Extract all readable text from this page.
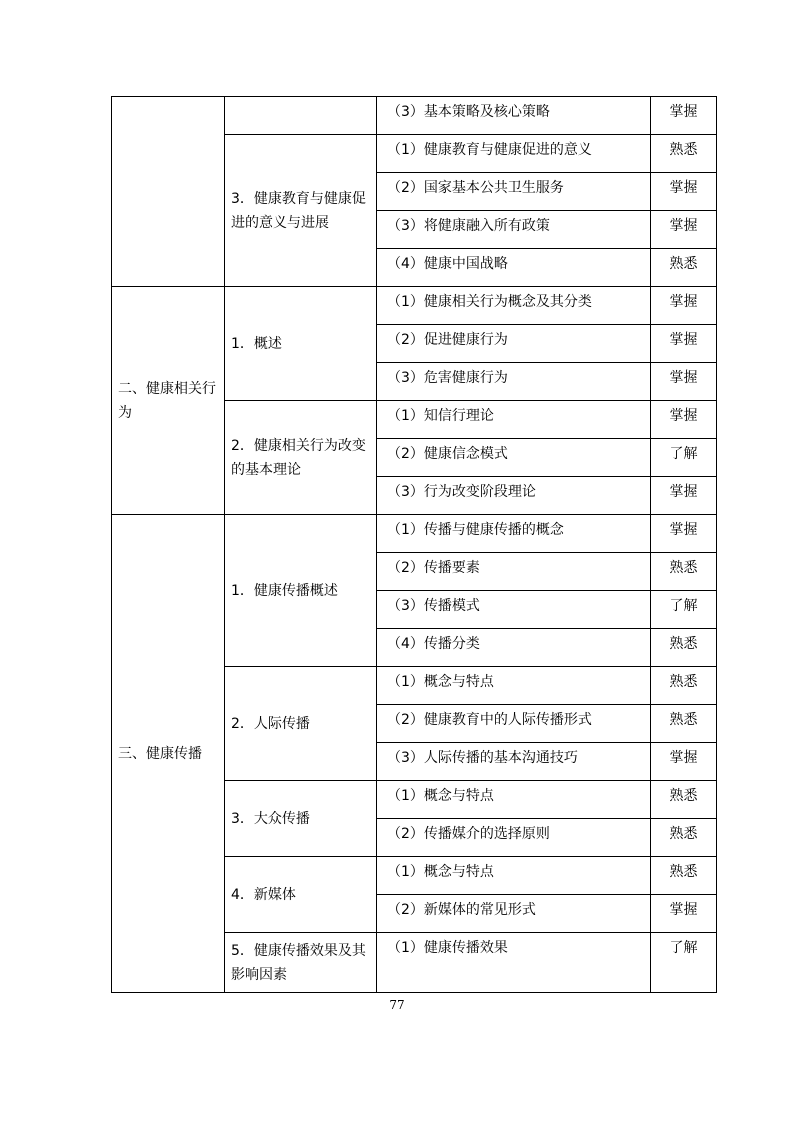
		（3）基本策略及核心策略	掌握
	3．健康教育与健康促进的意义与进展	（1）健康教育与健康促进的意义	熟悉
		（2）国家基本公共卫生服务	掌握
		（3）将健康融入所有政策	掌握
		（4）健康中国战略	熟悉
二、健康相关行为	1．概述	（1）健康相关行为概念及其分类	掌握
		（2）促进健康行为	掌握
		（3）危害健康行为	掌握
	2．健康相关行为改变的基本理论	（1）知信行理论	掌握
		（2）健康信念模式	了解
		（3）行为改变阶段理论	掌握
三、健康传播	1．健康传播概述	（1）传播与健康传播的概念	掌握
		（2）传播要素	熟悉
		（3）传播模式	了解
		（4）传播分类	熟悉
	2．人际传播	（1）概念与特点	熟悉
		（2）健康教育中的人际传播形式	熟悉
		（3）人际传播的基本沟通技巧	掌握
	3．大众传播	（1）概念与特点	熟悉
		（2）传播媒介的选择原则	熟悉
	4．新媒体	（1）概念与特点	熟悉
		（2）新媒体的常见形式	掌握
	5．健康传播效果及其影响因素	（1）健康传播效果	了解
77
